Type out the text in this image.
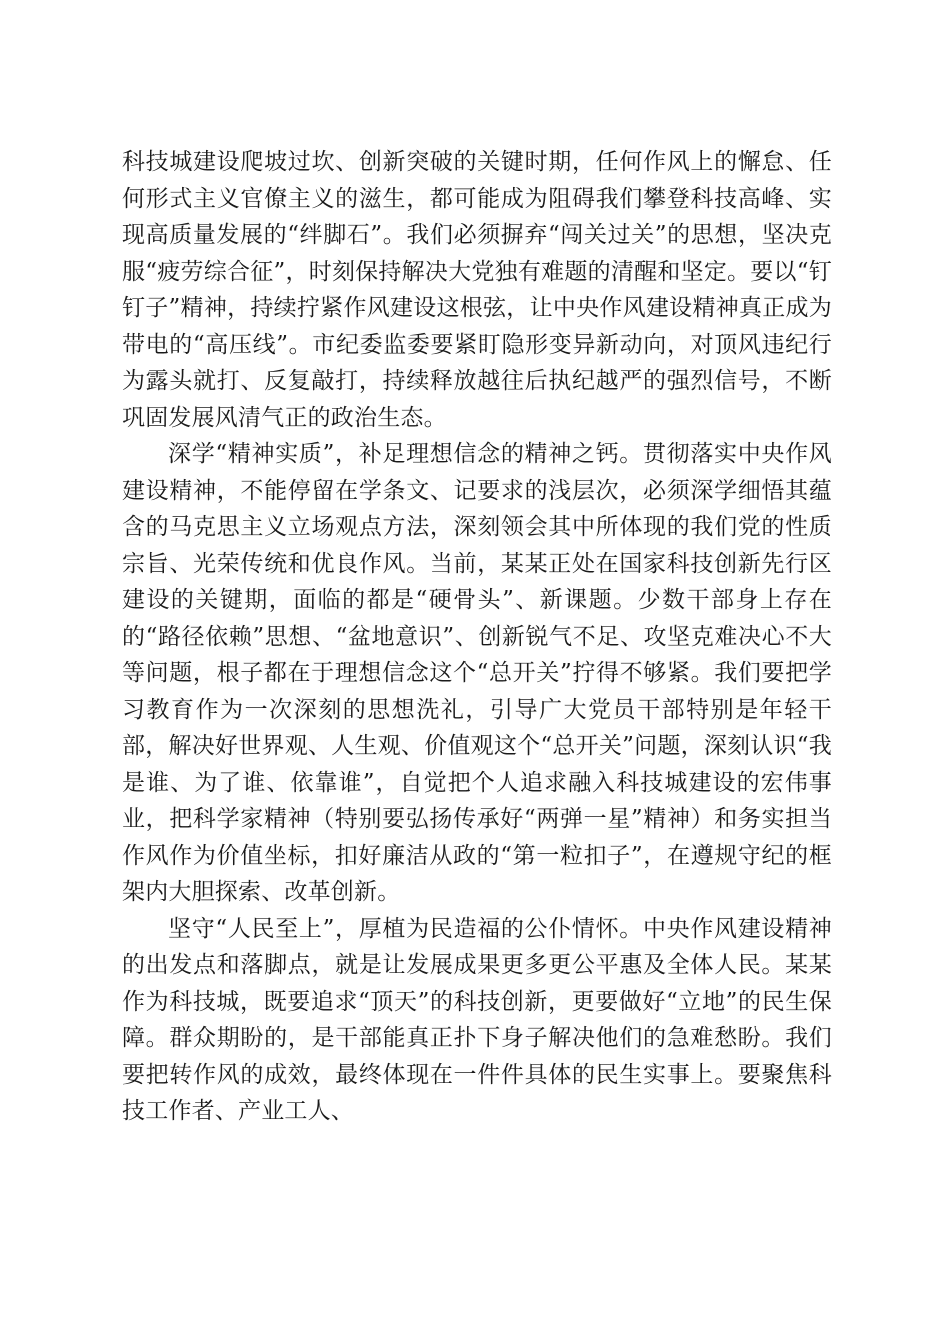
科技城建设爬坡过坎、创新突破的关键时期，任何作风上的懈怠、任何形式主义官僚主义的滋生，都可能成为阻碍我们攀登科技高峰、实现高质量发展的“绊脚石”。我们必须摒弃“闯关过关”的思想，坚决克服“疲劳综合征”，时刻保持解决大党独有难题的清醒和坚定。要以“钉钉子”精神，持续拧紧作风建设这根弦，让中央作风建设精神真正成为带电的“高压线”。市纪委监委要紧盯隐形变异新动向，对顶风违纪行为露头就打、反复敲打，持续释放越往后执纪越严的强烈信号，不断巩固发展风清气正的政治生态。

深学“精神实质”，补足理想信念的精神之钙。贯彻落实中央作风建设精神，不能停留在学条文、记要求的浅层次，必须深学细悟其蕴含的马克思主义立场观点方法，深刻领会其中所体现的我们党的性质宗旨、光荣传统和优良作风。当前，某某正处在国家科技创新先行区建设的关键期，面临的都是“硬骨头”、新课题。少数干部身上存在的“路径依赖”思想、“盆地意识”、创新锐气不足、攻坚克难决心不大等问题，根子都在于理想信念这个“总开关”拧得不够紧。我们要把学习教育作为一次深刻的思想洗礼，引导广大党员干部特别是年轻干部，解决好世界观、人生观、价值观这个“总开关”问题，深刻认识“我是谁、为了谁、依靠谁”，自觉把个人追求融入科技城建设的宏伟事业，把科学家精神（特别要弘扬传承好“两弹一星”精神）和务实担当作风作为价值坐标，扣好廉洁从政的“第一粒扣子”，在遵规守纪的框架内大胆探索、改革创新。

坚守“人民至上”，厚植为民造福的公仆情怀。中央作风建设精神的出发点和落脚点，就是让发展成果更多更公平惠及全体人民。某某作为科技城，既要追求“顶天”的科技创新，更要做好“立地”的民生保障。群众期盼的，是干部能真正扑下身子解决他们的急难愁盼。我们要把转作风的成效，最终体现在一件件具体的民生实事上。要聚焦科技工作者、产业工人、
